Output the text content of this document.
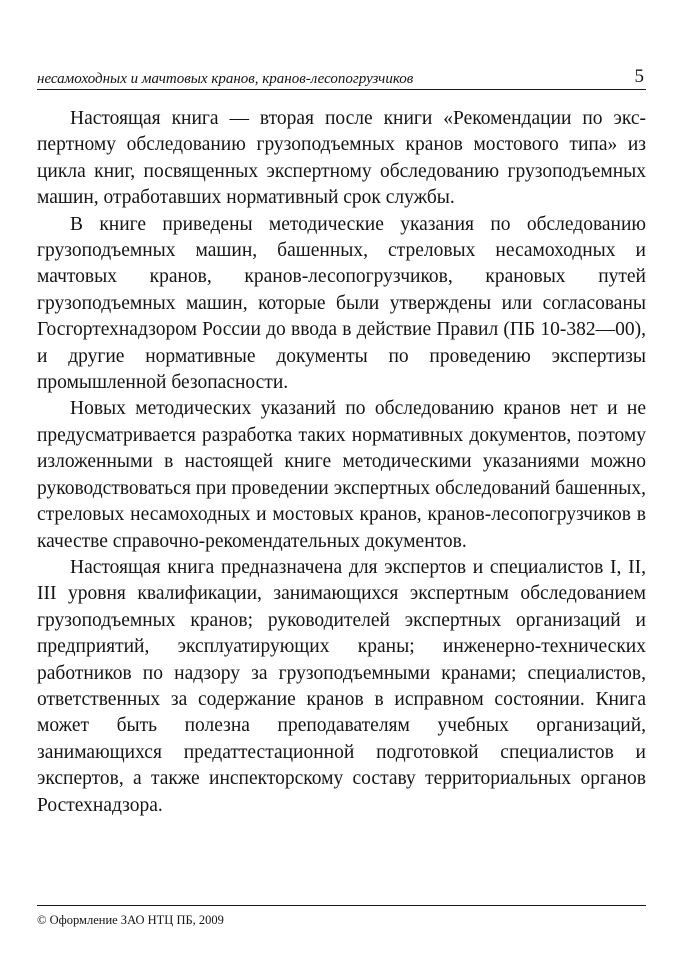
несамоходных и мачтовых кранов, кранов-лесопогрузчиков	5

Настоящая книга — вторая после книги «Рекомендации по экспертному обследованию грузоподъемных кранов мостового типа» из цикла книг, посвященных экспертному обследованию грузоподъемных машин, отработавших нормативный срок службы.

В книге приведены методические указания по обследованию грузоподъемных машин, башенных, стреловых несамоходных и мачтовых кранов, кранов-лесопогрузчиков, крановых путей грузоподъемных машин, которые были утверждены или согласованы Госгортехнадзором России до ввода в действие Правил (ПБ 10-382—00), и другие нормативные документы по проведению экспертизы промышленной безопасности.

Новых методических указаний по обследованию кранов нет и не предусматривается разработка таких нормативных документов, поэтому изложенными в настоящей книге методическими указаниями можно руководствоваться при проведении экспертных обследований башенных, стреловых несамоходных и мостовых кранов, кранов-лесопогрузчиков в качестве справочно-рекомендательных документов.

Настоящая книга предназначена для экспертов и специалистов I, II, III уровня квалификации, занимающихся экспертным обследованием грузоподъемных кранов; руководителей экспертных организаций и предприятий, эксплуатирующих краны; инженерно-технических работников по надзору за грузоподъемными кранами; специалистов, ответственных за содержание кранов в исправном состоянии. Книга может быть полезна преподавателям учебных организаций, занимающихся предаттестационной подготовкой специалистов и экспертов, а также инспекторскому составу территориальных органов Ростехнадзора.

© Оформление ЗАО НТЦ ПБ, 2009
